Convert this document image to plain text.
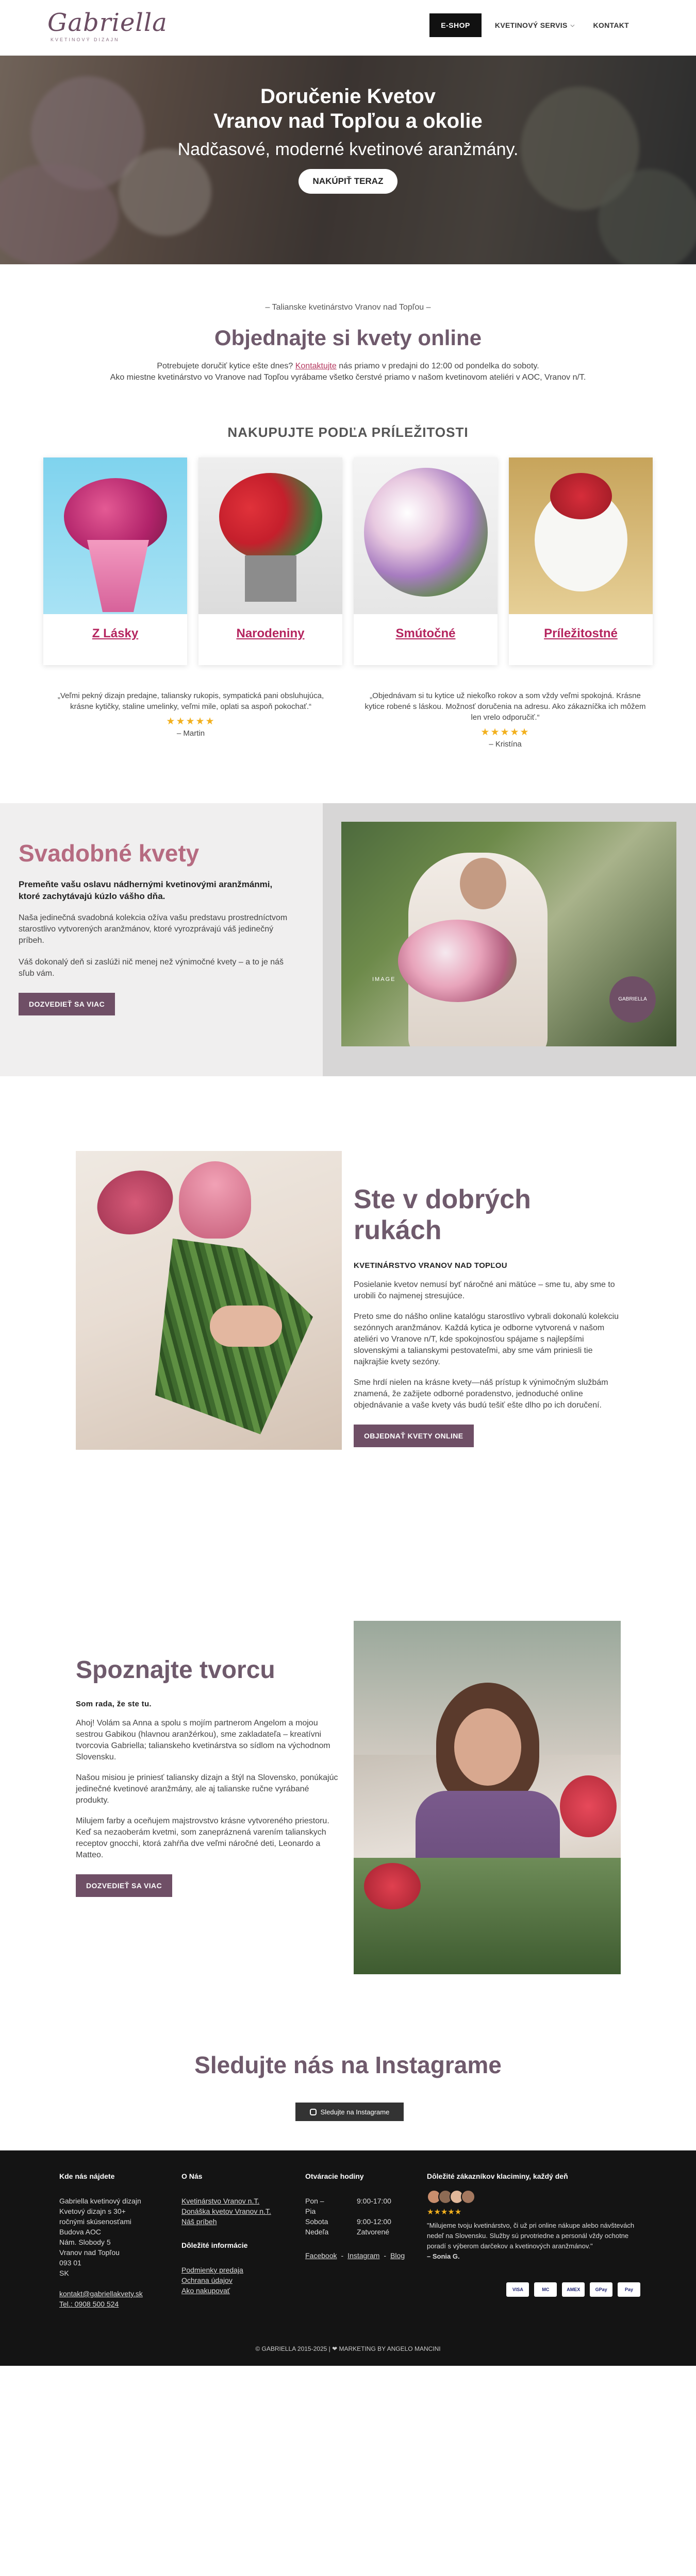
Gabriella
KVETINOVÝ DIZAJN
E-SHOP	KVETINOVÝ SERVIS ⌵	KONTAKT
Doručenie Kvetov
Vranov nad Topľou a okolie
Nadčasové, moderné kvetinové aranžmány.
NAKÚPIŤ TERAZ
– Talianske kvetinárstvo Vranov nad Topľou –
Objednajte si kvety online
Potrebujete doručiť kytice ešte dnes? Kontaktujte nás priamo v predajni do 12:00 od pondelka do soboty.
Ako miestne kvetinárstvo vo Vranove nad Topľou vyrábame všetko čerstvé priamo v našom kvetinovom ateliéri v AOC, Vranov n/T.
NAKUPUJTE PODĽA PRÍLEŽITOSTI
Z Lásky	Narodeniny	Smútočné	Príležitostné
„Veľmi pekný dizajn predajne, taliansky rukopis, sympatická pani obsluhujúca, krásne kytičky, staline umelinky, veľmi mile, oplati sa aspoň pokochať.“
★★★★★
– Martin
„Objednávam si tu kytice už niekoľko rokov a som vždy veľmi spokojná. Krásne kytice robené s láskou. Možnosť doručenia na adresu. Ako zákazníčka ich môžem len vrelo odporučiť.“
★★★★★
– Kristína
Svadobné kvety
Premeňte vašu oslavu nádhernými kvetinovými aranžmánmi, ktoré zachytávajú kúzlo vášho dňa.
Naša jedinečná svadobná kolekcia ožíva vašu predstavu prostredníctvom starostlivo vytvorených aranžmánov, ktoré vyrozprávajú váš jedinečný príbeh.
Váš dokonalý deň si zaslúži nič menej než výnimočné kvety – a to je náš sľub vám.
DOZVEDIEŤ SA VIAC
IMAGE
GABRIELLA
Ste v dobrých rukách
KVETINÁRSTVO VRANOV NAD TOPĽOU
Posielanie kvetov nemusí byť náročné ani mätúce – sme tu, aby sme to urobili čo najmenej stresujúce.
Preto sme do nášho online katalógu starostlivo vybrali dokonalú kolekciu sezónnych aranžmánov. Každá kytica je odborne vytvorená v našom ateliéri vo Vranove n/T, kde spokojnosťou spájame s najlepšími slovenskými a talianskymi pestovateľmi, aby sme vám priniesli tie najkrajšie kvety sezóny.
Sme hrdí nielen na krásne kvety—náš prístup k výnimočným službám znamená, že zažijete odborné poradenstvo, jednoduché online objednávanie a vaše kvety vás budú tešiť ešte dlho po ich doručení.
OBJEDNAŤ KVETY ONLINE
Spoznajte tvorcu
Som rada, že ste tu.
Ahoj! Volám sa Anna a spolu s mojím partnerom Angelom a mojou sestrou Gabikou (hlavnou aranžérkou), sme zakladateľa – kreatívni tvorcovia Gabriella; talianskeho kvetinárstva so sídlom na východnom Slovensku.
Našou misiou je priniesť taliansky dizajn a štýl na Slovensko, ponúkajúc jedinečné kvetinové aranžmány, ale aj talianske ručne vyrábané produkty.
Milujem farby a oceňujem majstrovstvo krásne vytvoreného priestoru. Keď sa nezaoberám kvetmi, som zanepráznená varením talianskych receptov gnocchi, ktorá zahŕňa dve veľmi náročné deti, Leonardo a Matteo.
DOZVEDIEŤ SA VIAC
Sledujte nás na Instagrame
Sledujte na Instagrame
Kde nás nájdete
Gabriella kvetinový dizajn
Kvetový dizajn s 30+
ročnými skúsenosťami
Budova AOC
Nám. Slobody 5
Vranov nad Topľou
093 01
SK
kontakt@gabriellakvety.sk
Tel.: 0908 500 524
O Nás
Kvetinárstvo Vranov n.T.
Donáška kvetov Vranov n.T.
Náš príbeh
Dôležité informácie
Podmienky predaja
Ochrana údajov
Ako nakupovať
Otváracie hodiny
Pon – Pia
9:00-17:00
Sobota	9:00-12:00
Nedeľa	Zatvorené
Facebook - Instagram - Blog
Dôležité zákazníkov klaciminy, každý deň
★★★★★
"Milujeme tvoju kvetinárstvo, či už pri online nákupe alebo návštevách nedeľ na Slovensku. Služby sú prvotriedne a personál vždy ochotne poradí s výberom darčekov a kvetinových aranžmánov."
– Sonia G.
VISA	MC	AMEX	GPay	Pay
© GABRIELLA 2015-2025 | ❤ MARKETING BY ANGELO MANCINI
